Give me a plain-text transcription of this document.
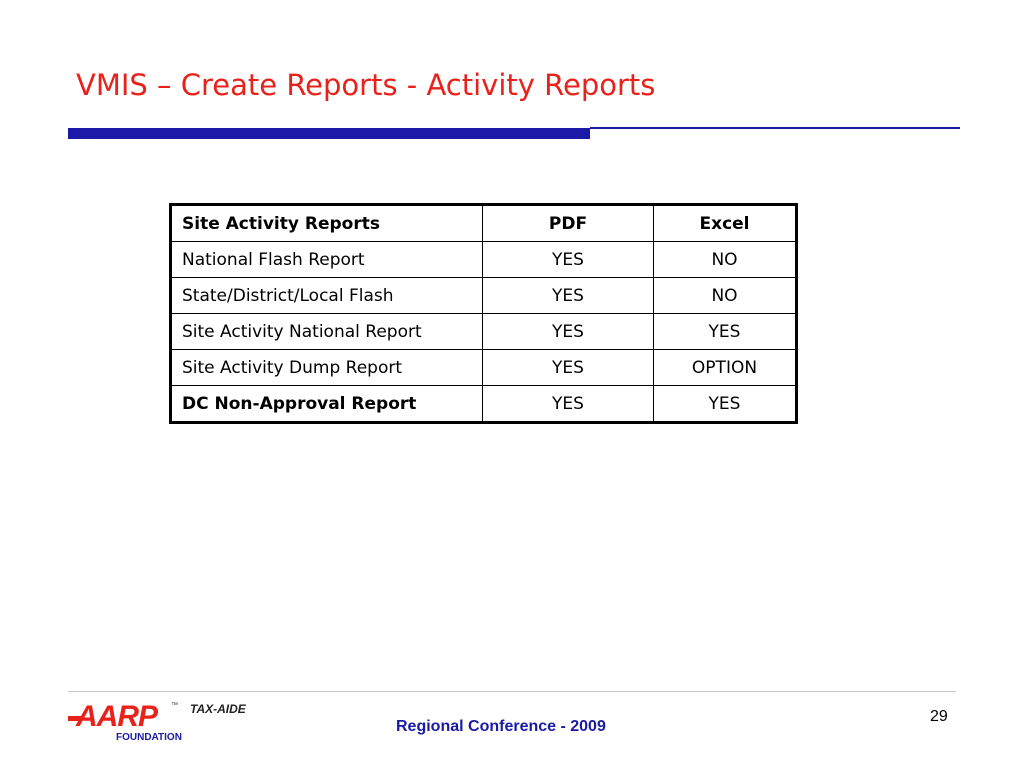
VMIS – Create Reports - Activity Reports
Site Activity Reports	PDF	Excel
National Flash Report	YES	NO
State/District/Local Flash	YES	NO
Site Activity National Report	YES	YES
Site Activity Dump Report	YES	OPTION
DC Non-Approval Report	YES	YES
AARP ™
FOUNDATION
TAX-AIDE
Regional Conference - 2009
29
